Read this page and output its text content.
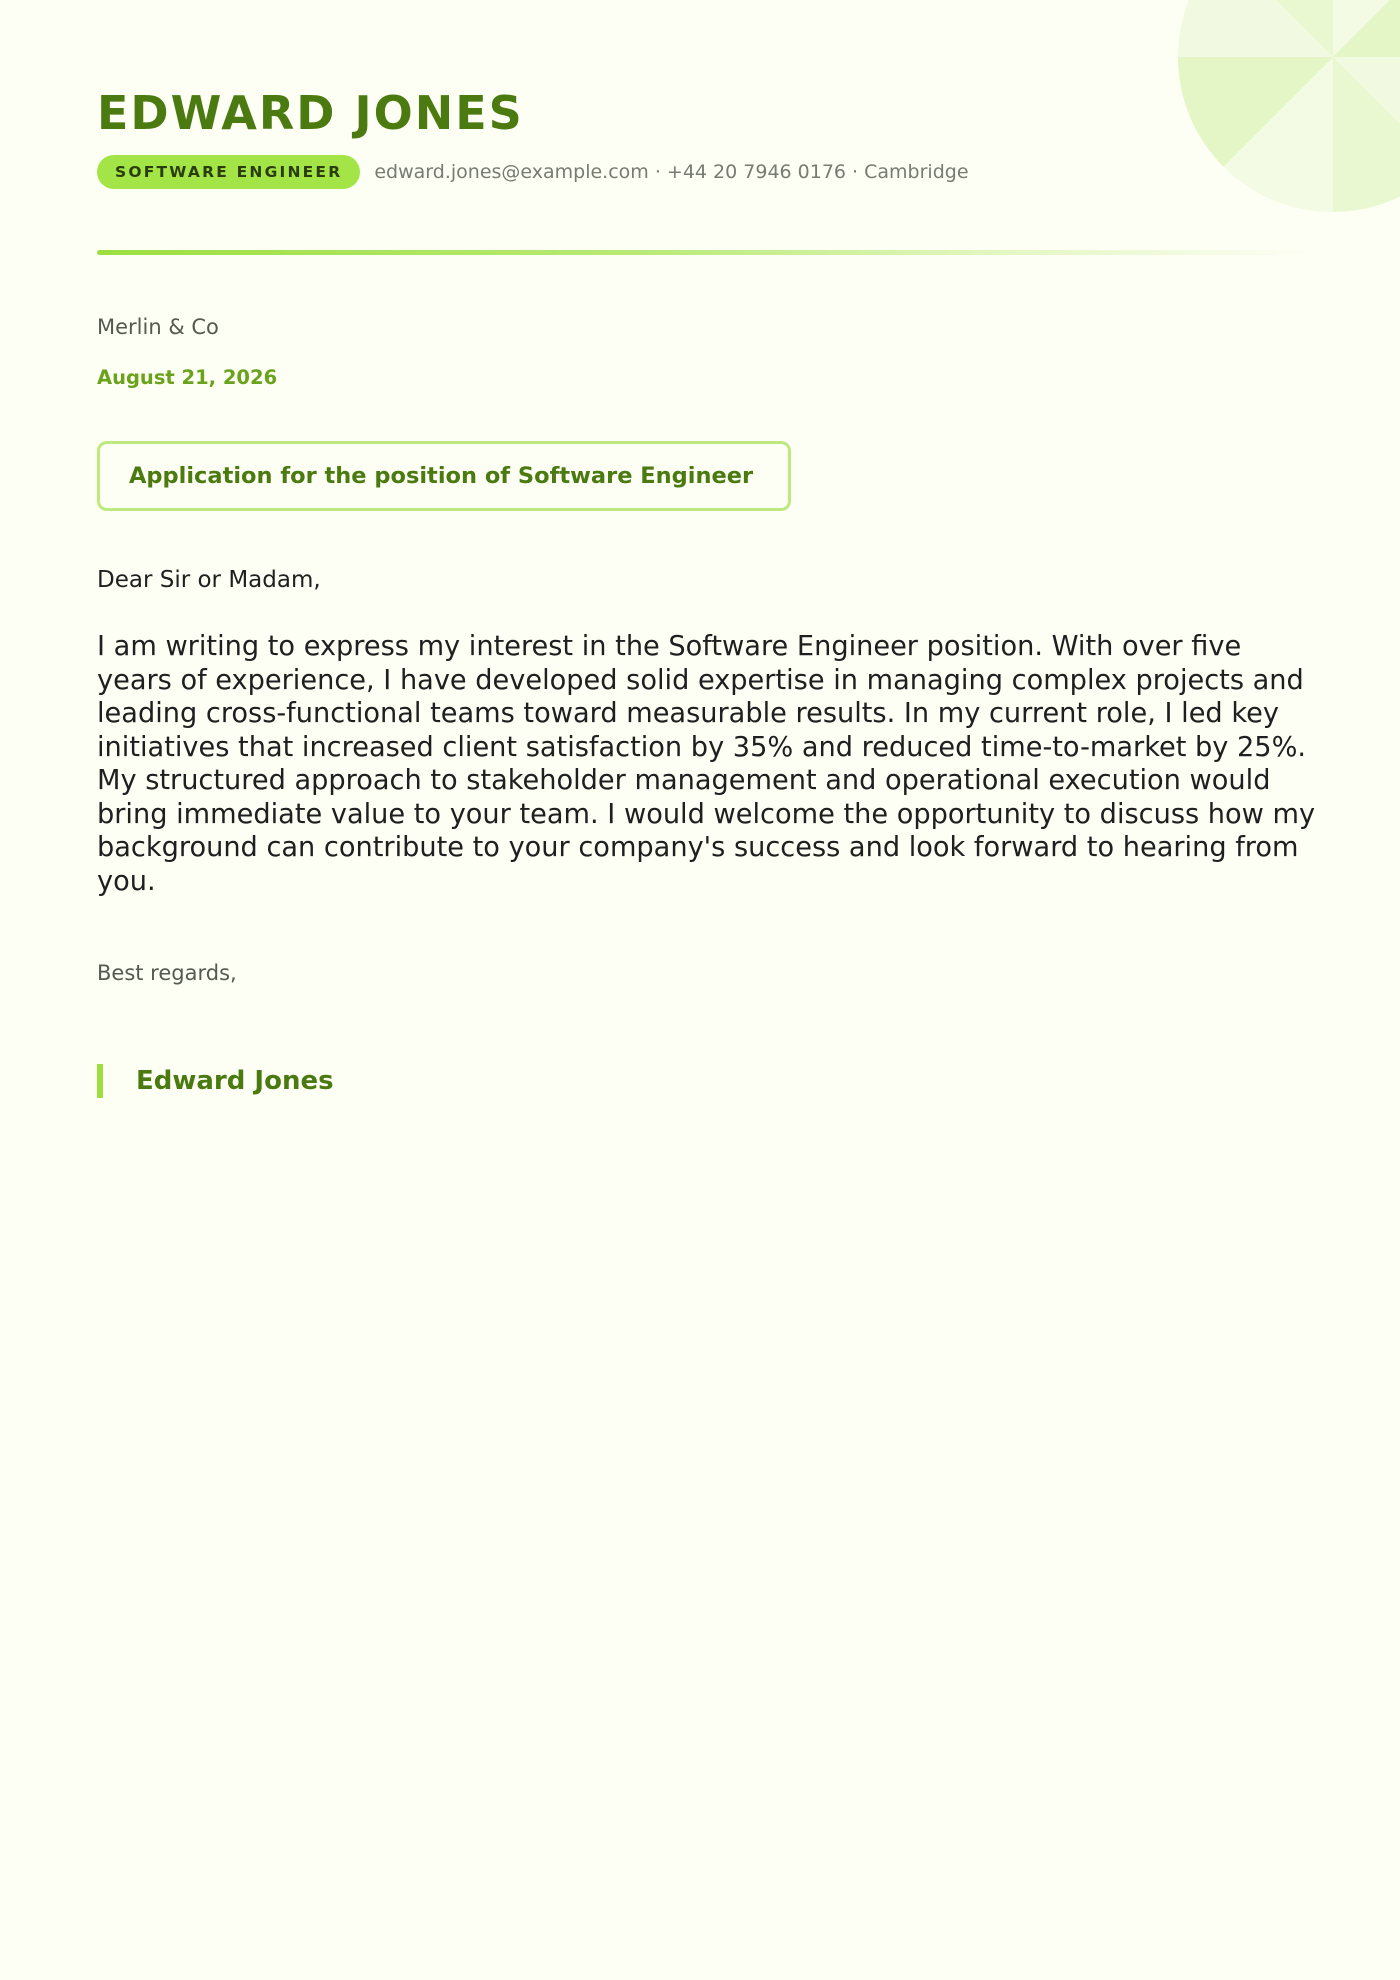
EDWARD JONES
SOFTWARE ENGINEER	edward.jones@example.com · +44 20 7946 0176 · Cambridge
Merlin & Co
August 21, 2026
Application for the position of Software Engineer
Dear Sir or Madam,

I am writing to express my interest in the Software Engineer position. With over five years of experience, I have developed solid expertise in managing complex projects and leading cross-functional teams toward measurable results. In my current role, I led key initiatives that increased client satisfaction by 35% and reduced time-to-market by 25%. My structured approach to stakeholder management and operational execution would bring immediate value to your team. I would welcome the opportunity to discuss how my background can contribute to your company's success and look forward to hearing from you.

Best regards,
Edward Jones
